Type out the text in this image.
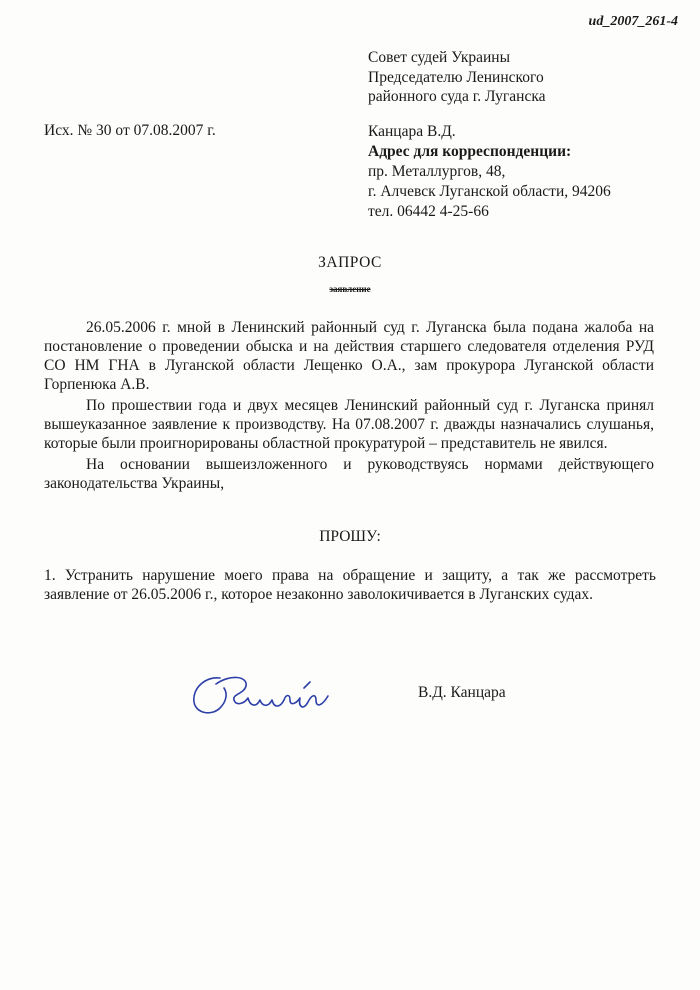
ud_2007_261-4
Совет судей Украины
Председателю Ленинского
районного суда г. Луганска
Исх. № 30 от 07.08.2007 г.	Канцара В.Д.
Адрес для корреспонденции:
пр. Металлургов, 48,
г. Алчевск Луганской области, 94206
тел. 06442 4-25-66
ЗАПРОС
заявление

26.05.2006 г. мной в Ленинский районный суд г. Луганска была подана жалоба на постановление о проведении обыска и на действия старшего следователя отделения РУД СО НМ ГНА в Луганской области Лещенко О.А., зам прокурора Луганской области Горпенюка А.В.

По прошествии года и двух месяцев Ленинский районный суд г. Луганска принял вышеуказанное заявление к производству. На 07.08.2007 г. дважды назначались слушанья, которые были проигнорированы областной прокуратурой – представитель не явился.

На основании вышеизложенного и руководствуясь нормами действующего законодательства Украины,

ПРОШУ:
1. Устранить нарушение моего права на обращение и защиту, а так же рассмотреть заявление от 26.05.2006 г., которое незаконно заволокичивается в Луганских судах.
В.Д. Канцара
